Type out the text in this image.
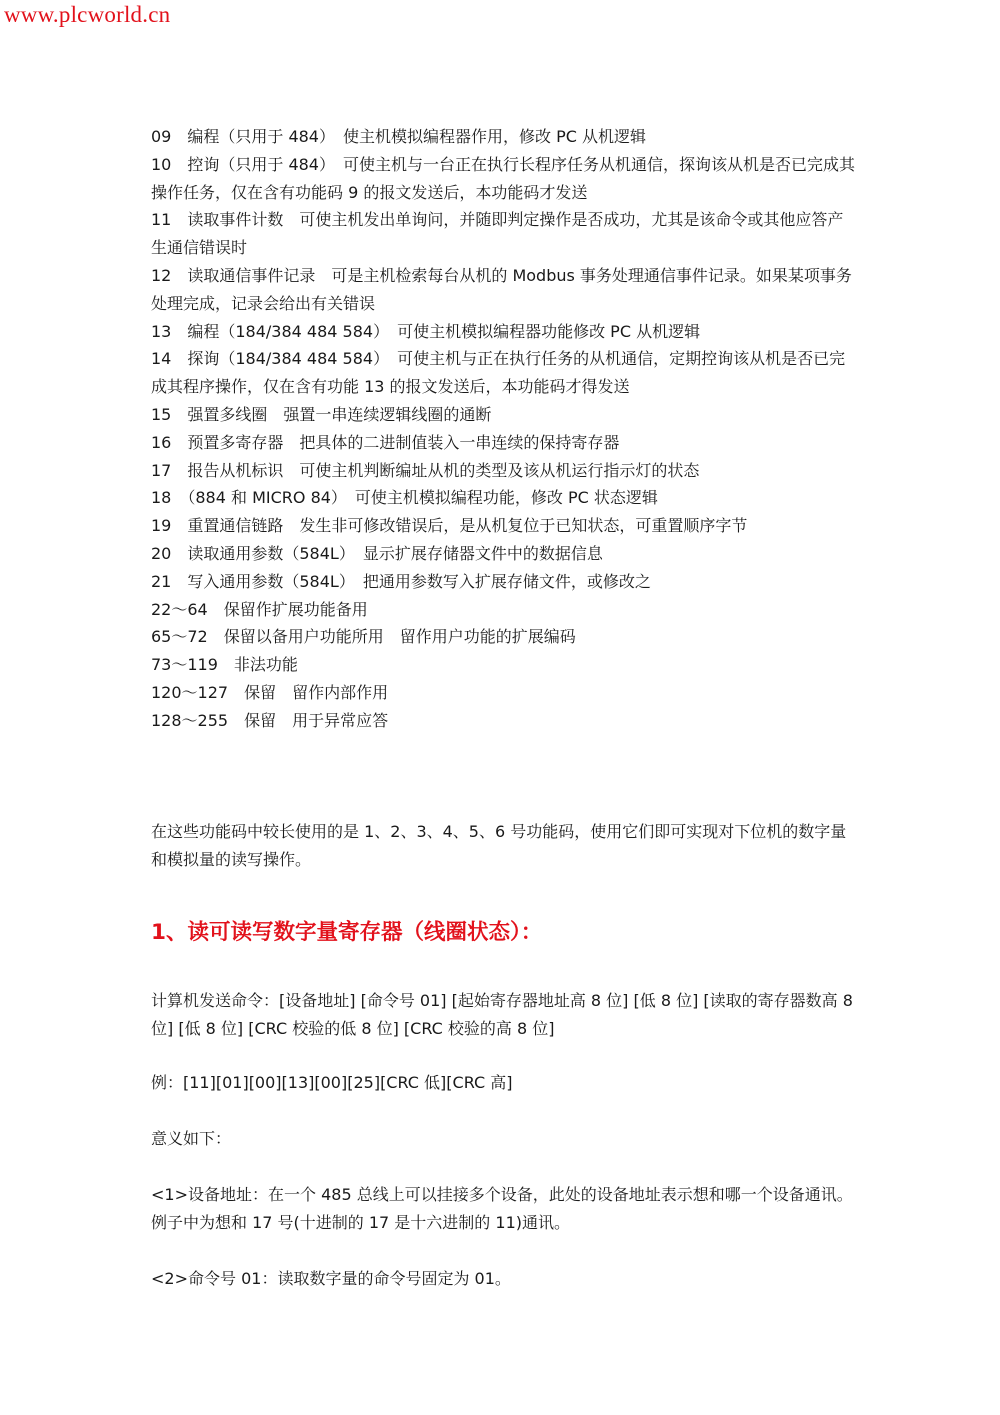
www.plcworld.cn
09　编程（只用于 484）　使主机模拟编程器作用，修改 PC 从机逻辑
10　控询（只用于 484）　可使主机与一台正在执行长程序任务从机通信，探询该从机是否已完成其操作任务，仅在含有功能码 9 的报文发送后，本功能码才发送
11　读取事件计数　可使主机发出单询问，并随即判定操作是否成功，尤其是该命令或其他应答产生通信错误时
12　读取通信事件记录　可是主机检索每台从机的 Modbus 事务处理通信事件记录。如果某项事务处理完成，记录会给出有关错误
13　编程（184/384 484 584）　可使主机模拟编程器功能修改 PC 从机逻辑
14　探询（184/384 484 584）　可使主机与正在执行任务的从机通信，定期控询该从机是否已完成其程序操作，仅在含有功能 13 的报文发送后，本功能码才得发送
15　强置多线圈　强置一串连续逻辑线圈的通断
16　预置多寄存器　把具体的二进制值装入一串连续的保持寄存器
17　报告从机标识　可使主机判断编址从机的类型及该从机运行指示灯的状态
18　（884 和 MICRO 84）　可使主机模拟编程功能，修改 PC 状态逻辑
19　重置通信链路　发生非可修改错误后，是从机复位于已知状态，可重置顺序字节
20　读取通用参数（584L）　显示扩展存储器文件中的数据信息
21　写入通用参数（584L）　把通用参数写入扩展存储文件，或修改之
22～64　保留作扩展功能备用
65～72　保留以备用户功能所用　留作用户功能的扩展编码
73～119　非法功能
120～127　保留　留作内部作用
128～255　保留　用于异常应答

在这些功能码中较长使用的是 1、2、3、4、5、6 号功能码，使用它们即可实现对下位机的数字量和模拟量的读写操作。

1、读可读写数字量寄存器（线圈状态）：

计算机发送命令：[设备地址] [命令号 01] [起始寄存器地址高 8 位] [低 8 位] [读取的寄存器数高 8 位] [低 8 位] [CRC 校验的低 8 位] [CRC 校验的高 8 位]

例：[11][01][00][13][00][25][CRC 低][CRC 高]

意义如下：

<1>设备地址：在一个 485 总线上可以挂接多个设备，此处的设备地址表示想和哪一个设备通讯。例子中为想和 17 号(十进制的 17 是十六进制的 11)通讯。

<2>命令号 01：读取数字量的命令号固定为 01。
